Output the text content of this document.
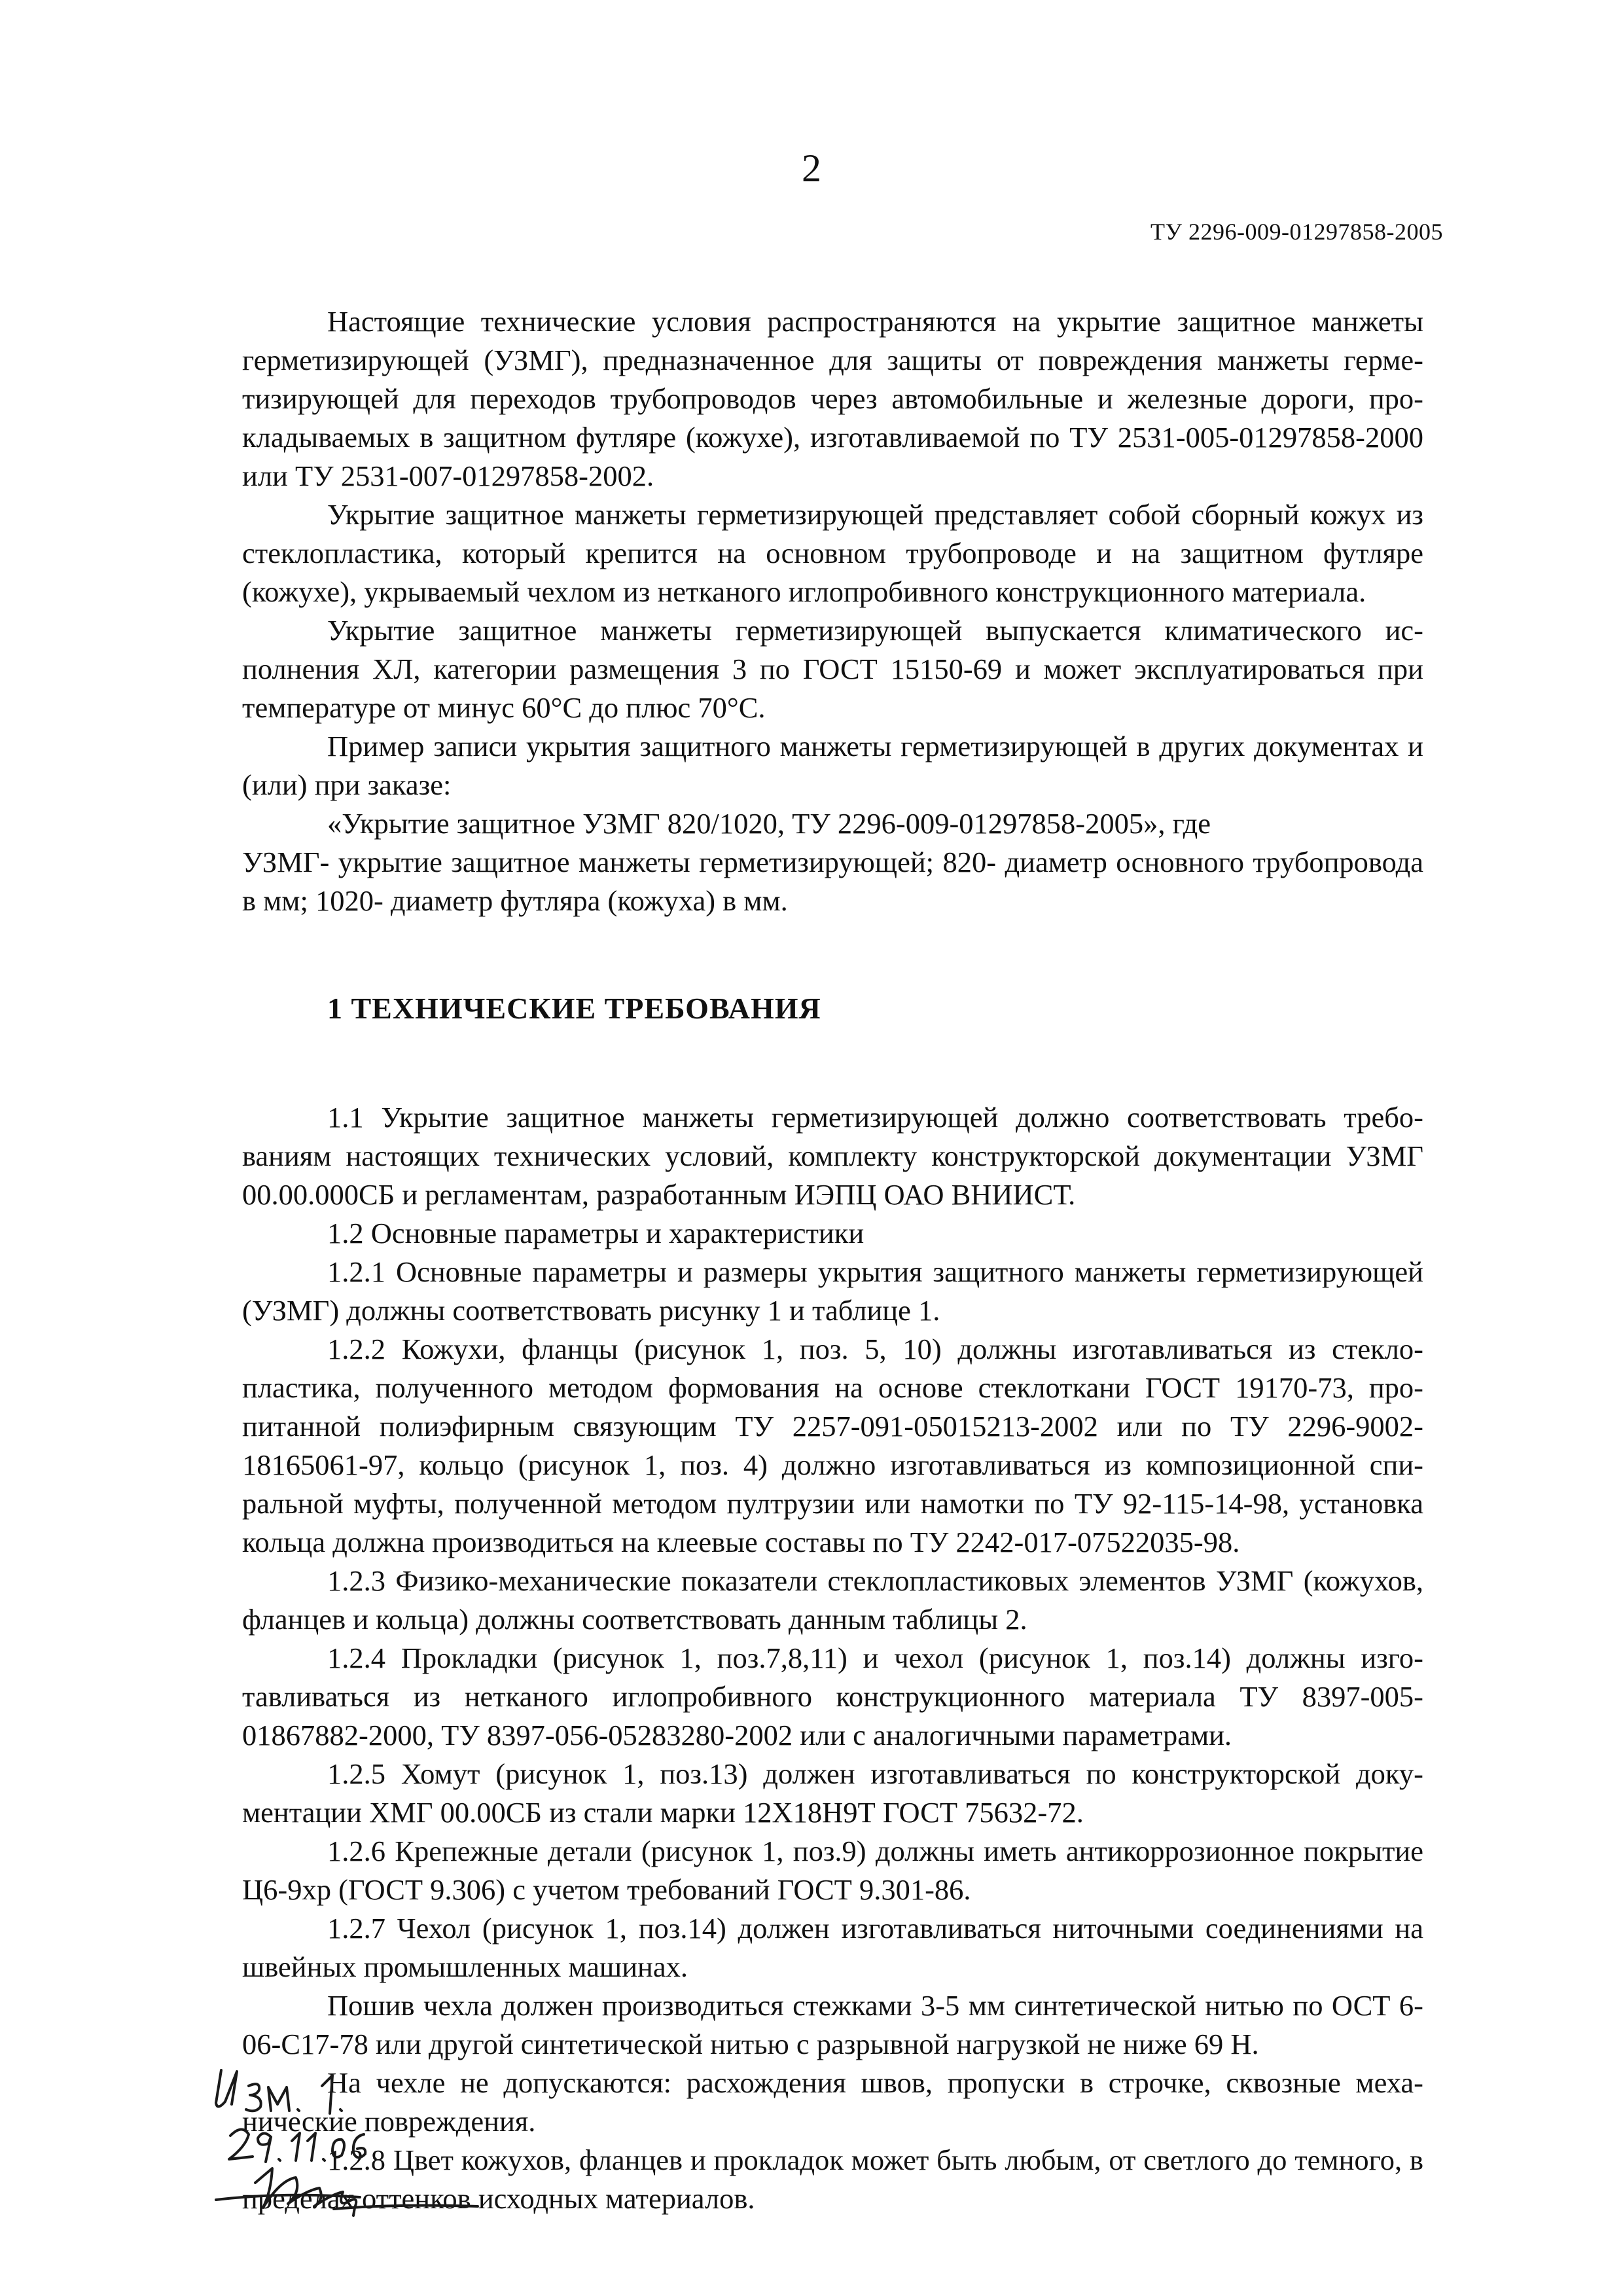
2
ТУ 2296-009-01297858-2005

Настоящие технические условия распространяются на укрытие защитное манжеты герметизирующей (УЗМГ), предназначенное для защиты от повреждения манжеты герметизирующей для переходов трубопроводов через автомобильные и железные дороги, прокладываемых в защитном футляре (кожухе), изготавливаемой по ТУ 2531-005-01297858-2000 или ТУ 2531-007-01297858-2002.

Укрытие защитное манжеты герметизирующей представляет собой сборный кожух из стеклопластика, который крепится на основном трубопроводе и на защитном футляре (кожухе), укрываемый чехлом из нетканого иглопробивного конструкционного материала.

Укрытие защитное манжеты герметизирующей выпускается климатического исполнения ХЛ, категории размещения 3 по ГОСТ 15150-69 и может эксплуатироваться при температуре от минус 60°С до плюс 70°С.

Пример записи укрытия защитного манжеты герметизирующей в других документах и (или) при заказе:

«Укрытие защитное УЗМГ 820/1020, ТУ 2296-009-01297858-2005», где

УЗМГ- укрытие защитное манжеты герметизирующей; 820- диаметр основного трубопровода в мм; 1020- диаметр футляра (кожуха) в мм.

1 ТЕХНИЧЕСКИЕ ТРЕБОВАНИЯ

1.1 Укрытие защитное манжеты герметизирующей должно соответствовать требованиям настоящих технических условий, комплекту конструкторской документации УЗМГ 00.00.000СБ и регламентам, разработанным ИЭПЦ ОАО ВНИИСТ.

1.2 Основные параметры и характеристики

1.2.1 Основные параметры и размеры укрытия защитного манжеты герметизирующей (УЗМГ) должны соответствовать рисунку 1 и таблице 1.

1.2.2 Кожухи, фланцы (рисунок 1, поз. 5, 10) должны изготавливаться из стеклопластика, полученного методом формования на основе стеклоткани ГОСТ 19170-73, пропитанной полиэфирным связующим ТУ 2257-091-05015213-2002 или по ТУ 2296-9002-18165061-97, кольцо (рисунок 1, поз. 4) должно изготавливаться из композиционной спиральной муфты, полученной методом пултрузии или намотки по ТУ 92-115-14-98, установка кольца должна производиться на клеевые составы по ТУ 2242-017-07522035-98.

1.2.3 Физико-механические показатели стеклопластиковых элементов УЗМГ (кожухов, фланцев и кольца) должны соответствовать данным таблицы 2.

1.2.4 Прокладки (рисунок 1, поз.7,8,11) и чехол (рисунок 1, поз.14) должны изготавливаться из нетканого иглопробивного конструкционного материала ТУ 8397-005-01867882-2000, ТУ 8397-056-05283280-2002 или с аналогичными параметрами.

1.2.5 Хомут (рисунок 1, поз.13) должен изготавливаться по конструкторской документации ХМГ 00.00СБ из стали марки 12Х18Н9Т ГОСТ 75632-72.

1.2.6 Крепежные детали (рисунок 1, поз.9) должны иметь антикоррозионное покрытие Ц6-9хр (ГОСТ 9.306) с учетом требований ГОСТ 9.301-86.

1.2.7 Чехол (рисунок 1, поз.14) должен изготавливаться ниточными соединениями на швейных промышленных машинах.

Пошив чехла должен производиться стежками 3-5 мм синтетической нитью по ОСТ 6-06-С17-78 или другой синтетической нитью с разрывной нагрузкой не ниже 69 Н.

На чехле не допускаются: расхождения швов, пропуски в строчке, сквозные механические повреждения.

1.2.8 Цвет кожухов, фланцев и прокладок может быть любым, от светлого до темного, в пределах оттенков исходных материалов.
